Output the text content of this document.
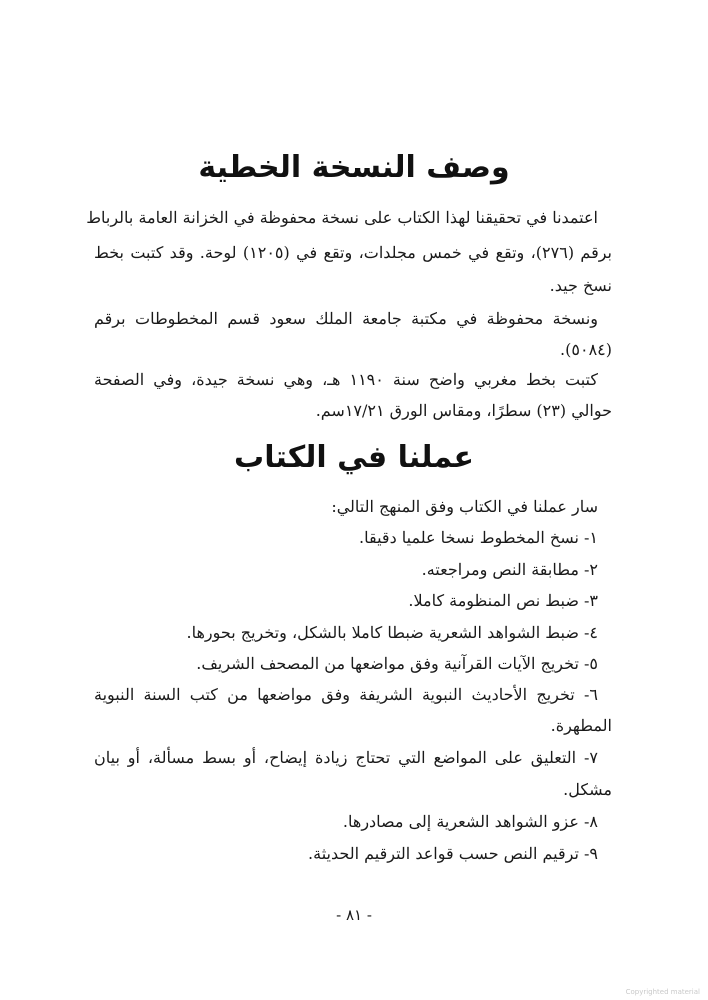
وصف النسخة الخطية
اعتمدنا في تحقيقنا لهذا الكتاب على نسخة محفوظة في الخزانة العامة بالرباط
برقم (٢٧٦)، وتقع في خمس مجلدات، وتقع في (١٢٠٥) لوحة. وقد كتبت بخط
نسخ جيد.
ونسخة محفوظة في مكتبة جامعة الملك سعود قسم المخطوطات برقم
(٥٠٨٤).
كتبت بخط مغربي واضح سنة ١١٩٠ هـ، وهي نسخة جيدة، وفي الصفحة
حوالي (٢٣) سطرًا، ومقاس الورق ١٧/٢١سم.
عملنا في الكتاب
سار عملنا في الكتاب وفق المنهج التالي:
١- نسخ المخطوط نسخا علميا دقيقا.
٢- مطابقة النص ومراجعته.
٣- ضبط نص المنظومة كاملا.
٤- ضبط الشواهد الشعرية ضبطا كاملا بالشكل، وتخريج بحورها.
٥- تخريج الآيات القرآنية وفق مواضعها من المصحف الشريف.
٦- تخريج الأحاديث النبوية الشريفة وفق مواضعها من كتب السنة النبوية
المطهرة.
٧- التعليق على المواضع التي تحتاج زيادة إيضاح، أو بسط مسألة، أو بيان
مشكل.
٨- عزو الشواهد الشعرية إلى مصادرها.
٩- ترقيم النص حسب قواعد الترقيم الحديثة.
- ٨١ -
Copyrighted material
